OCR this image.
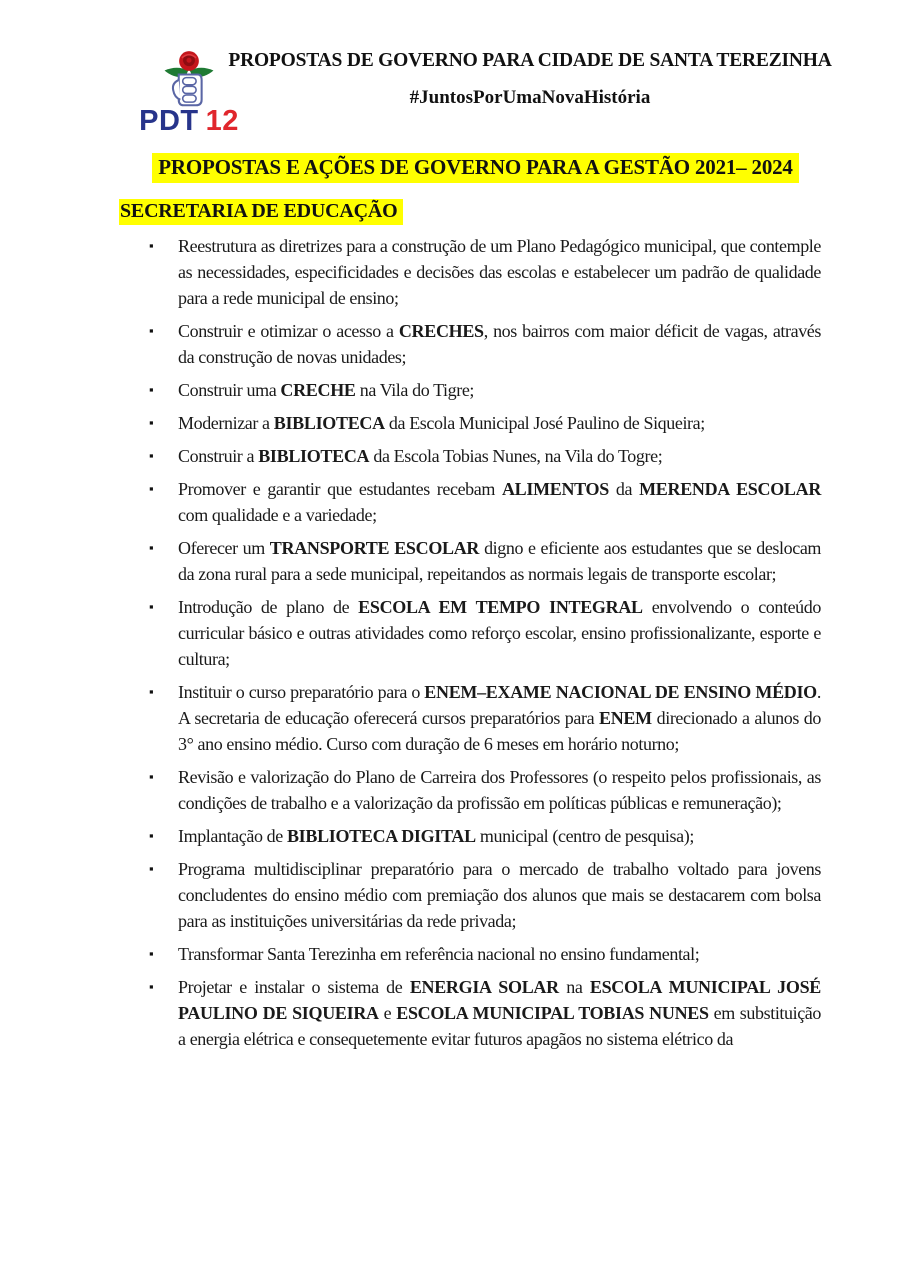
PDT 12
PROPOSTAS DE GOVERNO PARA CIDADE DE SANTA TEREZINHA
#JuntosPorUmaNovaHistória
PROPOSTAS E AÇÕES DE GOVERNO PARA A GESTÃO 2021– 2024
SECRETARIA DE EDUCAÇÃO
▪ Reestrutura as diretrizes para a construção de um Plano Pedagógico municipal, que contemple as necessidades, especificidades e decisões das escolas e estabelecer um padrão de qualidade para a rede municipal de ensino;
▪ Construir e otimizar o acesso a CRECHES, nos bairros com maior déficit de vagas, através da construção de novas unidades;
▪ Construir uma CRECHE na Vila do Tigre;
▪ Modernizar a BIBLIOTECA da Escola Municipal José Paulino de Siqueira;
▪ Construir a BIBLIOTECA da Escola Tobias Nunes, na Vila do Togre;
▪ Promover e garantir que estudantes recebam ALIMENTOS da MERENDA ESCOLAR com qualidade e a variedade;
▪ Oferecer um TRANSPORTE ESCOLAR digno e eficiente aos estudantes que se deslocam da zona rural para a sede municipal, repeitandos as normais legais de transporte escolar;
▪ Introdução de plano de ESCOLA EM TEMPO INTEGRAL envolvendo o conteúdo curricular básico e outras atividades como reforço escolar, ensino profissionalizante, esporte e cultura;
▪ Instituir o curso preparatório para o ENEM–EXAME NACIONAL DE ENSINO MÉDIO. A secretaria de educação oferecerá cursos preparatórios para ENEM direcionado a alunos do 3° ano ensino médio. Curso com duração de 6 meses em horário noturno;
▪ Revisão e valorização do Plano de Carreira dos Professores (o respeito pelos profissionais, as condições de trabalho e a valorização da profissão em políticas públicas e remuneração);
▪ Implantação de BIBLIOTECA DIGITAL municipal (centro de pesquisa);
▪ Programa multidisciplinar preparatório para o mercado de trabalho voltado para jovens concludentes do ensino médio com premiação dos alunos que mais se destacarem com bolsa para as instituições universitárias da rede privada;
▪ Transformar Santa Terezinha em referência nacional no ensino fundamental;
▪ Projetar e instalar o sistema de ENERGIA SOLAR na ESCOLA MUNICIPAL JOSÉ PAULINO DE SIQUEIRA e ESCOLA MUNICIPAL TOBIAS NUNES em substituição a energia elétrica e consequetemente evitar futuros apagãos no sistema elétrico da
